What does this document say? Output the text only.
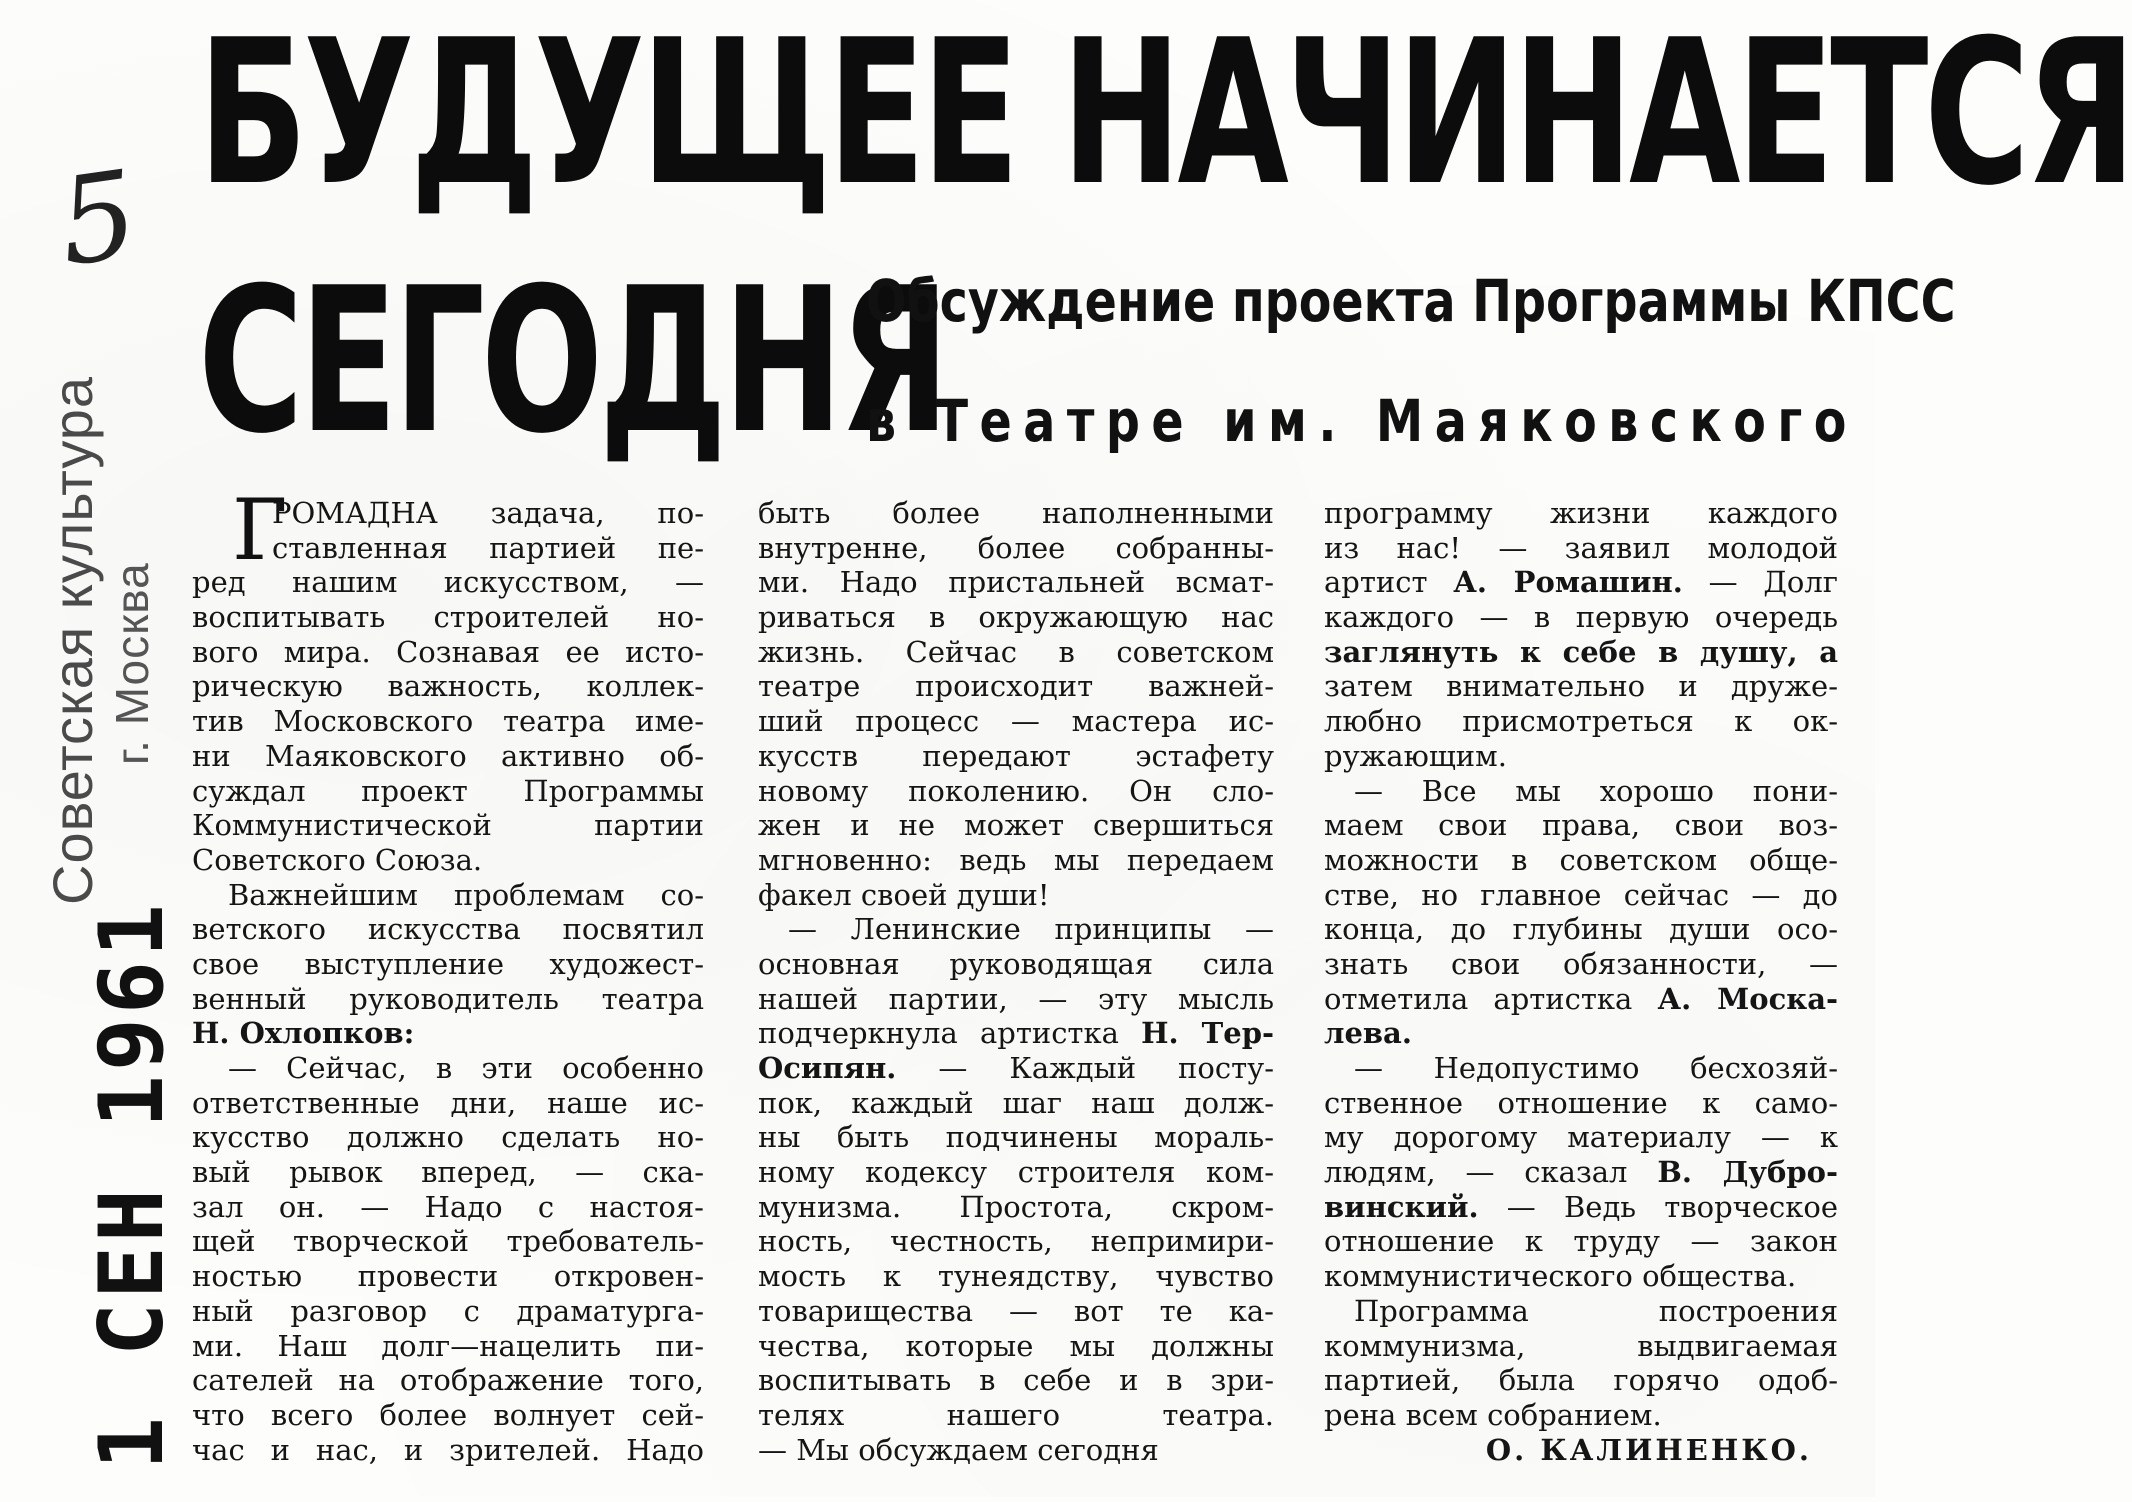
5
Советская культура г. Москва
1 СЕН 1961
БУДУЩЕЕ НАЧИНАЕТСЯ
СЕГОДНЯ
Обсуждение проекта Программы КПСС
в Театре им. Маяковского
Г
РОМАДНА задача, по-
ставленная партией пе-
ред нашим искусством, —
воспитывать строителей но-
вого мира. Сознавая ее исто-
рическую важность, коллек-
тив Московского театра име-
ни Маяковского активно об-
суждал проект Программы
Коммунистической партии
Советского Союза.
Важнейшим проблемам со-
ветского искусства посвятил
свое выступление художест-
венный руководитель театра
Н. Охлопков:
— Сейчас, в эти особенно
ответственные дни, наше ис-
кусство должно сделать но-
вый рывок вперед, — ска-
зал он. — Надо с настоя-
щей творческой требователь-
ностью провести откровен-
ный разговор с драматурга-
ми. Наш долг—нацелить пи-
сателей на отображение того,
что всего более волнует сей-
час и нас, и зрителей. Надо
быть более наполненными
внутренне, более собранны-
ми. Надо пристальней всмат-
риваться в окружающую нас
жизнь. Сейчас в советском
театре происходит важней-
ший процесс — мастера ис-
кусств передают эстафету
новому поколению. Он сло-
жен и не может свершиться
мгновенно: ведь мы передаем
факел своей души!
— Ленинские принципы —
основная руководящая сила
нашей партии, — эту мысль
подчеркнула артистка Н. Тер-
Осипян. — Каждый посту-
пок, каждый шаг наш долж-
ны быть подчинены мораль-
ному кодексу строителя ком-
мунизма. Простота, скром-
ность, честность, непримири-
мость к тунеядству, чувство
товарищества — вот те ка-
чества, которые мы должны
воспитывать в себе и в зри-
телях нашего театра.
— Мы обсуждаем сегодня
программу жизни каждого
из нас! — заявил молодой
артист А. Ромашин. — Долг
каждого — в первую очередь
заглянуть к себе в душу, а
затем внимательно и друже-
любно присмотреться к ок-
ружающим.
— Все мы хорошо пони-
маем свои права, свои воз-
можности в советском обще-
стве, но главное сейчас — до
конца, до глубины души осо-
знать свои обязанности, —
отметила артистка А. Москa-
лева.
— Недопустимо бесхозяй-
ственное отношение к само-
му дорогому материалу — к
людям, — сказал В. Дубро-
винский. — Ведь творческое
отношение к труду — закон
коммунистического общества.
Программа построения
коммунизма, выдвигаемая
партией, была горячо одоб-
рена всем собранием.
О. КАЛИНЕНКО.
